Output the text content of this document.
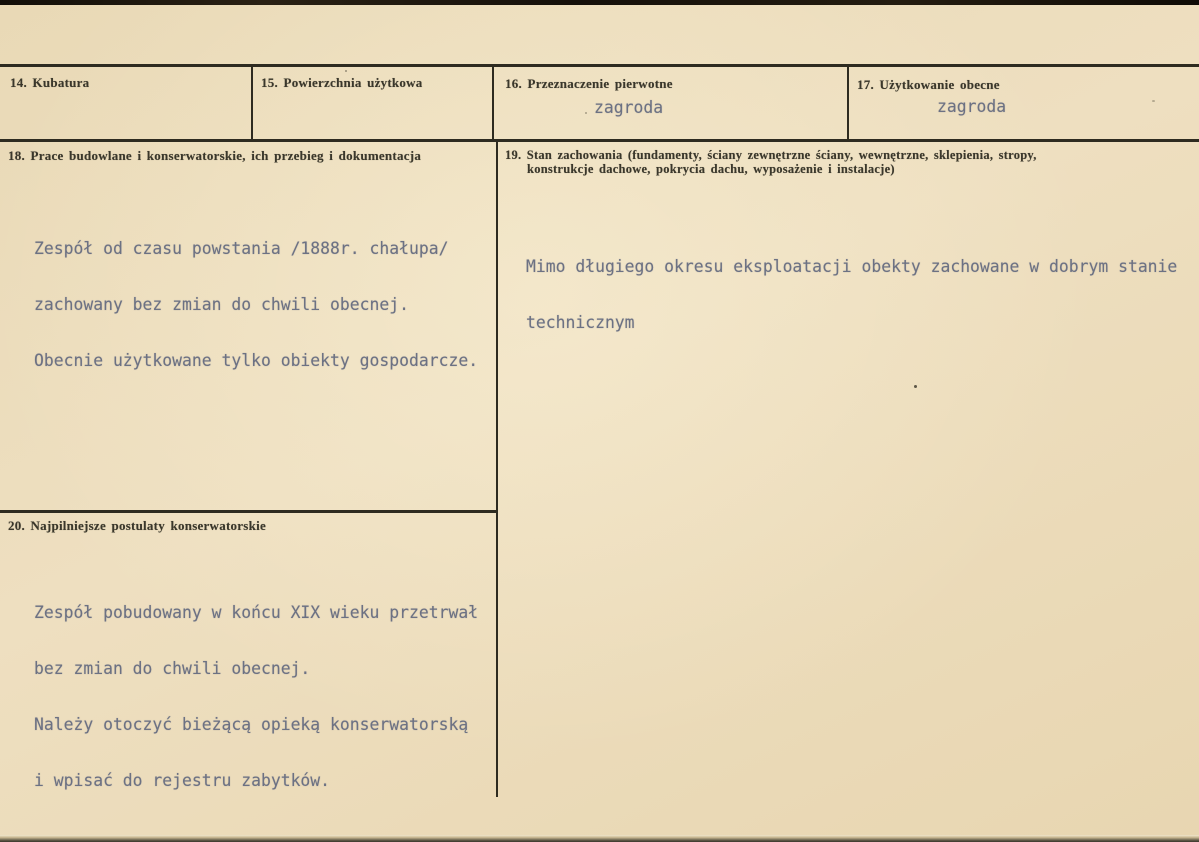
14. Kubatura	15. Powierzchnia użytkowa	16. Przeznaczenie pierwotne
zagroda
17. Użytkowanie obecne
zagroda
18. Prace budowlane i konserwatorskie, ich przebieg i dokumentacja

Zespół od czasu powstania /1888r. chałupa/

zachowany bez zmian do chwili obecnej.

Obecnie użytkowane tylko obiekty gospodarcze.

19. Stan zachowania (fundamenty, ściany zewnętrzne ściany, wewnętrzne, sklepienia, stropy,
konstrukcje dachowe, pokrycia dachu, wyposażenie i instalacje)

Mimo długiego okresu eksploatacji obekty zachowane w dobrym stanie

technicznym

20. Najpilniejsze postulaty konserwatorskie

Zespół pobudowany w końcu XIX wieku przetrwał

bez zmian do chwili obecnej.

Należy otoczyć bieżącą opieką konserwatorską

i wpisać do rejestru zabytków.
